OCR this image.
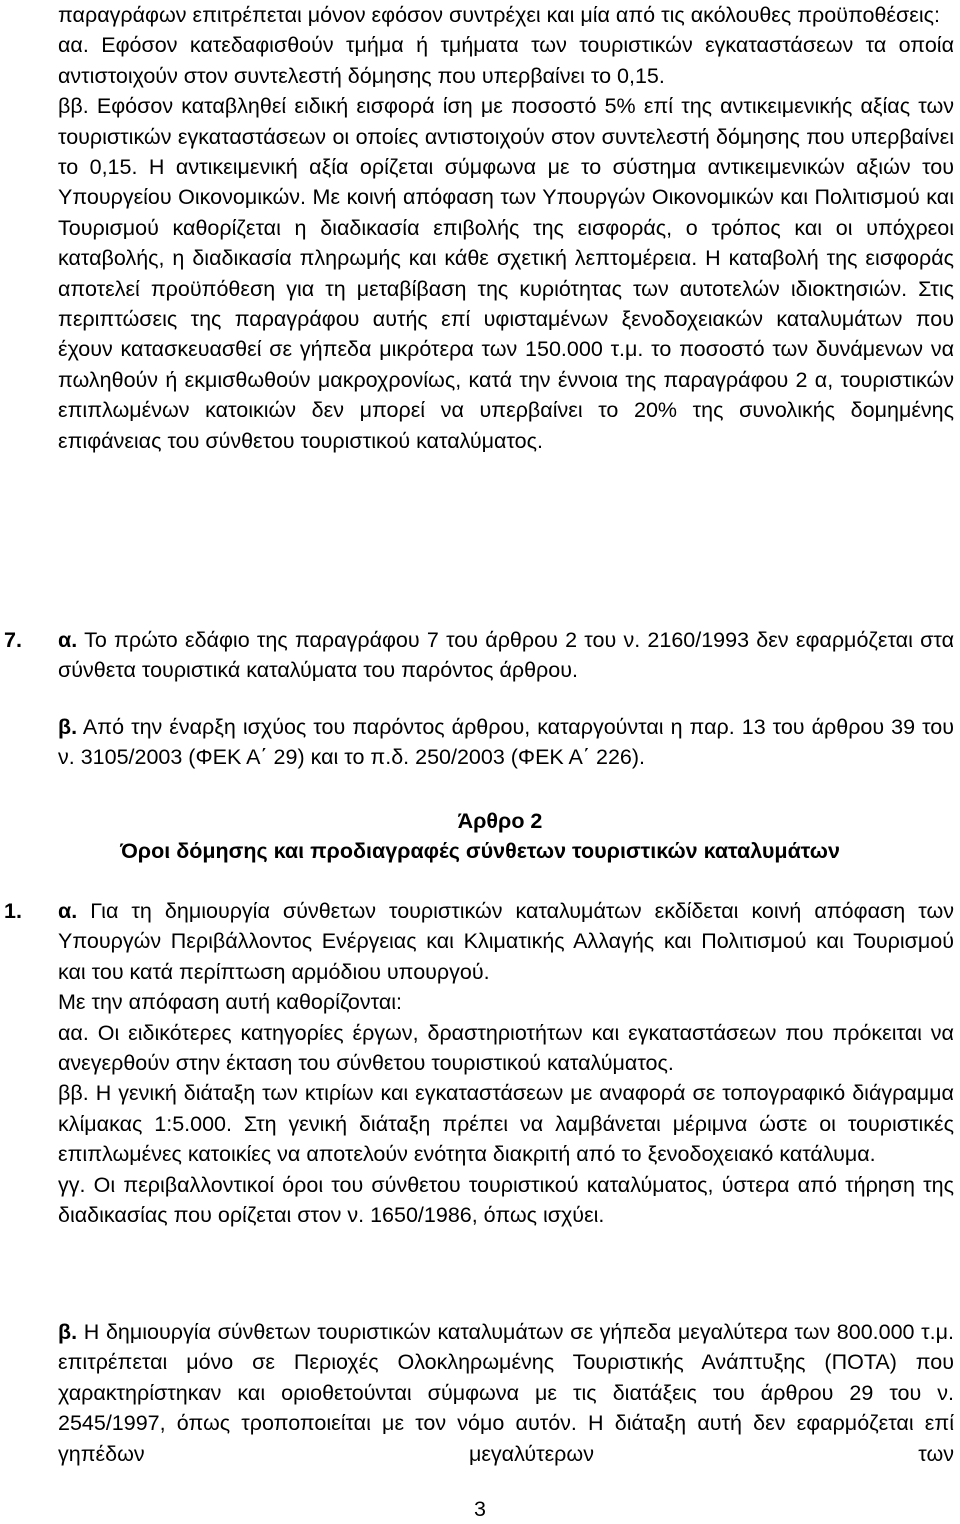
παραγράφων επιτρέπεται μόνον εφόσον συντρέχει και μία από τις ακόλουθες προϋποθέσεις:

αα. Εφόσον κατεδαφισθούν τμήμα ή τμήματα των τουριστικών εγκαταστάσεων τα οποία αντιστοιχούν στον συντελεστή δόμησης που υπερβαίνει το 0,15.

ββ. Εφόσον καταβληθεί ειδική εισφορά ίση με ποσοστό 5% επί της αντικειμενικής αξίας των τουριστικών εγκαταστάσεων οι οποίες αντιστοιχούν στον συντελεστή δόμησης που υπερβαίνει το 0,15. Η αντικειμενική αξία ορίζεται σύμφωνα με το σύστημα αντικειμενικών αξιών του Υπουργείου Οικονομικών. Με κοινή απόφαση των Υπουργών Οικονομικών και Πολιτισμού και Τουρισμού καθορίζεται η διαδικασία επιβολής της εισφοράς, ο τρόπος και οι υπόχρεοι καταβολής, η διαδικασία πληρωμής και κάθε σχετική λεπτομέρεια. Η καταβολή της εισφοράς αποτελεί προϋπόθεση για τη μεταβίβαση της κυριότητας των αυτοτελών ιδιοκτησιών. Στις περιπτώσεις της παραγράφου αυτής επί υφισταμένων ξενοδοχειακών καταλυμάτων που έχουν κατασκευασθεί σε γήπεδα μικρότερα των 150.000 τ.μ. το ποσοστό των δυνάμενων να πωληθούν ή εκμισθωθούν μακροχρονίως, κατά την έννοια της παραγράφου 2 α, τουριστικών επιπλωμένων κατοικιών δεν μπορεί να υπερβαίνει το 20% της συνολικής δομημένης επιφάνειας του σύνθετου τουριστικού καταλύματος.

7. α. Το πρώτο εδάφιο της παραγράφου 7 του άρθρου 2 του ν. 2160/1993 δεν εφαρμόζεται στα σύνθετα τουριστικά καταλύματα του παρόντος άρθρου.

β. Από την έναρξη ισχύος του παρόντος άρθρου, καταργούνται η παρ. 13 του άρθρου 39 του ν. 3105/2003 (ΦΕΚ Α΄ 29) και το π.δ. 250/2003 (ΦΕΚ Α΄ 226).

Άρθρο 2
Όροι δόμησης και προδιαγραφές σύνθετων τουριστικών καταλυμάτων
1. α. Για τη δημιουργία σύνθετων τουριστικών καταλυμάτων εκδίδεται κοινή απόφαση των Υπουργών Περιβάλλοντος Ενέργειας και Κλιματικής Αλλαγής και Πολιτισμού και Τουρισμού και του κατά περίπτωση αρμόδιου υπουργού.

Με την απόφαση αυτή καθορίζονται:

αα. Οι ειδικότερες κατηγορίες έργων, δραστηριοτήτων και εγκαταστάσεων που πρόκειται να ανεγερθούν στην έκταση του σύνθετου τουριστικού καταλύματος.

ββ. Η γενική διάταξη των κτιρίων και εγκαταστάσεων με αναφορά σε τοπογραφικό διάγραμμα κλίμακας 1:5.000. Στη γενική διάταξη πρέπει να λαμβάνεται μέριμνα ώστε οι τουριστικές επιπλωμένες κατοικίες να αποτελούν ενότητα διακριτή από το ξενοδοχειακό κατάλυμα.

γγ. Οι περιβαλλοντικοί όροι του σύνθετου τουριστικού καταλύματος, ύστερα από τήρηση της διαδικασίας που ορίζεται στον ν. 1650/1986, όπως ισχύει.

β. Η δημιουργία σύνθετων τουριστικών καταλυμάτων σε γήπεδα μεγαλύτερα των 800.000 τ.μ. επιτρέπεται μόνο σε Περιοχές Ολοκληρωμένης Τουριστικής Ανάπτυξης (ΠΟΤΑ) που χαρακτηρίστηκαν και οριοθετούνται σύμφωνα με τις διατάξεις του άρθρου 29 του ν. 2545/1997, όπως τροποποιείται με τον νόμο αυτόν. Η διάταξη αυτή δεν εφαρμόζεται επί γηπέδων μεγαλύτερων των

3
